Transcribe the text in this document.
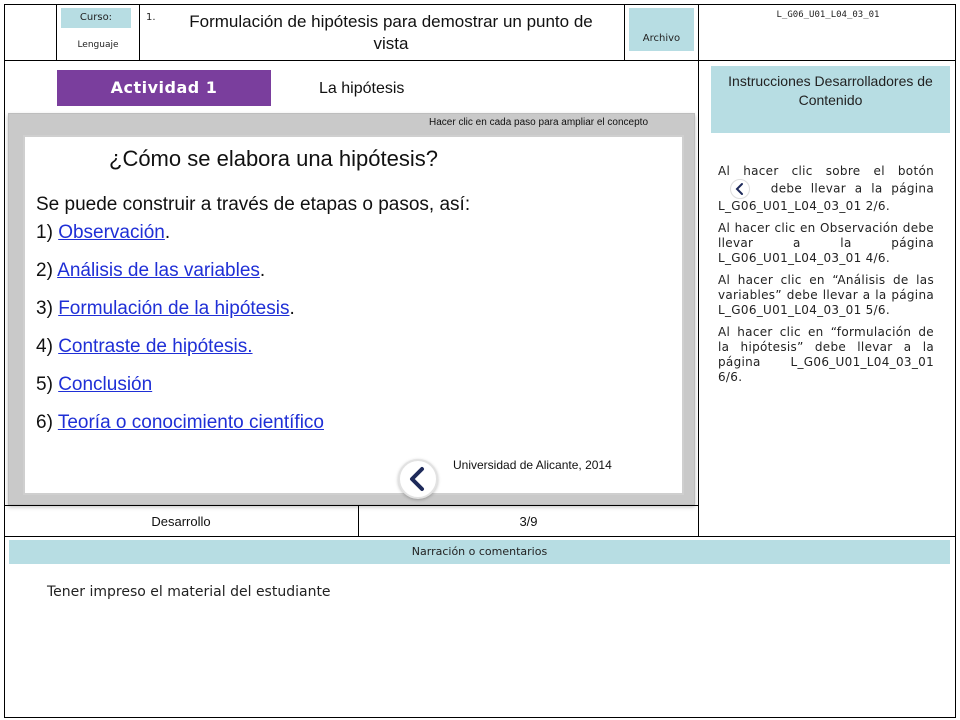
Curso:
Lenguaje
1. Formulación de hipótesis para demostrar un punto de vista	Archivo
L_G06_U01_L04_03_01
Actividad 1	La hipótesis
Hacer clic en cada paso para ampliar el concepto
¿Cómo se elabora una hipótesis?
Se puede construir a través de etapas o pasos, así:
1) Observación.
2) Análisis de las variables.
3) Formulación de la hipótesis.
4) Contraste de hipótesis.
5) Conclusión
6) Teoría o conocimiento científico
Universidad de Alicante, 2014
Instrucciones Desarrolladores de Contenido

Al hacer clic sobre el botón
debe llevar a la página L_G06_U01_L04_03_01 2/6.

Al hacer clic en Observación debe llevar a la página L_G06_U01_L04_03_01 4/6.

Al hacer clic en “Análisis de las variables” debe llevar a la página L_G06_U01_L04_03_01 5/6.

Al hacer clic en “formulación de la hipótesis” debe llevar a la página L_G06_U01_L04_03_01 6/6.

Desarrollo	3/9
Narración o comentarios
Tener impreso el material del estudiante
